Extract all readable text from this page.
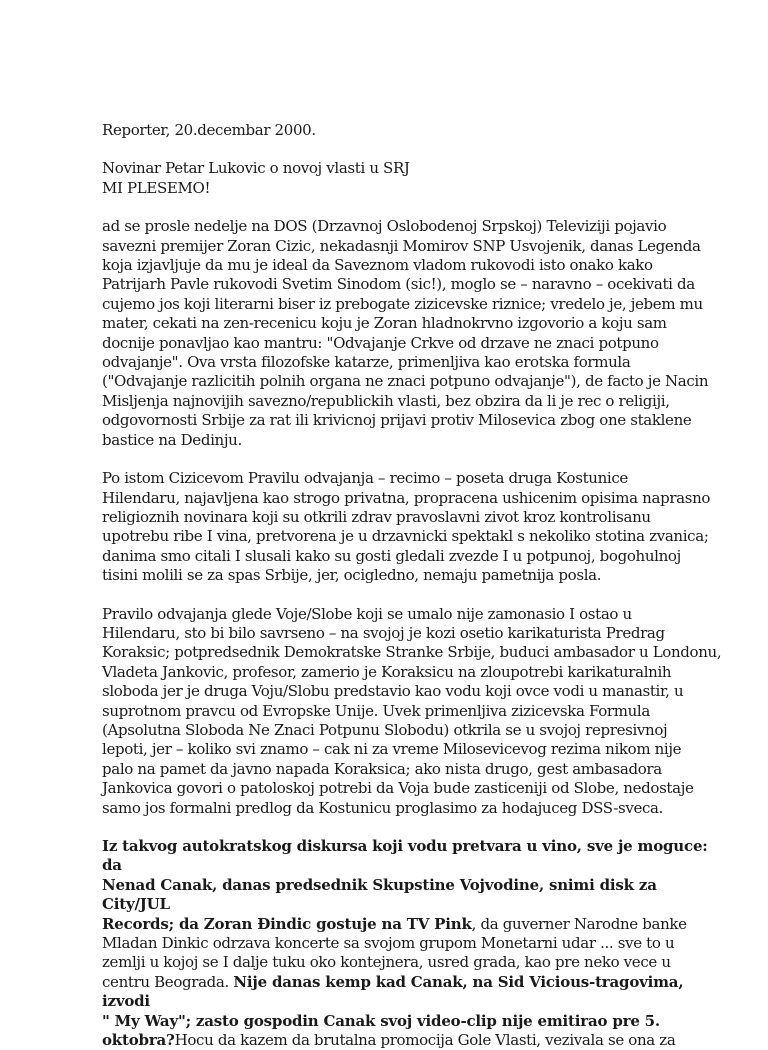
Reporter, 20.decembar 2000.

Novinar Petar Lukovic o novoj vlasti u SRJ

MI PLESEMO!

ad se prosle nedelje na DOS (Drzavnoj Oslobodenoj Srpskoj) Televiziji pojavio

savezni premijer Zoran Cizic, nekadasnji Momirov SNP Usvojenik, danas Legenda

koja izjavljuje da mu je ideal da Saveznom vladom rukovodi isto onako kako

Patrijarh Pavle rukovodi Svetim Sinodom (sic!), moglo se – naravno – ocekivati da

cujemo jos koji literarni biser iz prebogate zizicevske riznice; vredelo je, jebem mu

mater, cekati na zen-recenicu koju je Zoran hladnokrvno izgovorio a koju sam

docnije ponavljao kao mantru: "Odvajanje Crkve od drzave ne znaci potpuno

odvajanje". Ova vrsta filozofske katarze, primenljiva kao erotska formula

("Odvajanje razlicitih polnih organa ne znaci potpuno odvajanje"), de facto je Nacin

Misljenja najnovijih savezno/republickih vlasti, bez obzira da li je rec o religiji,

odgovornosti Srbije za rat ili krivicnoj prijavi protiv Milosevica zbog one staklene

bastice na Dedinju.

Po istom Cizicevom Pravilu odvajanja – recimo – poseta druga Kostunice

Hilendaru, najavljena kao strogo privatna, propracena ushicenim opisima naprasno

religioznih novinara koji su otkrili zdrav pravoslavni zivot kroz kontrolisanu

upotrebu ribe I vina, pretvorena je u drzavnicki spektakl s nekoliko stotina zvanica;

danima smo citali I slusali kako su gosti gledali zvezde I u potpunoj, bogohulnoj

tisini molili se za spas Srbije, jer, ocigledno, nemaju pametnija posla.

Pravilo odvajanja glede Voje/Slobe koji se umalo nije zamonasio I ostao u

Hilendaru, sto bi bilo savrseno – na svojoj je kozi osetio karikaturista Predrag

Koraksic; potpredsednik Demokratske Stranke Srbije, buduci ambasador u Londonu,

Vladeta Jankovic, profesor, zamerio je Koraksicu na zloupotrebi karikaturalnih

sloboda jer je druga Voju/Slobu predstavio kao vodu koji ovce vodi u manastir, u

suprotnom pravcu od Evropske Unije. Uvek primenljiva zizicevska Formula

(Apsolutna Sloboda Ne Znaci Potpunu Slobodu) otkrila se u svojoj represivnoj

lepoti, jer – koliko svi znamo – cak ni za vreme Milosevicevog rezima nikom nije

palo na pamet da javno napada Koraksica; ako nista drugo, gest ambasadora

Jankovica govori o patoloskoj potrebi da Voja bude zasticeniji od Slobe, nedostaje

samo jos formalni predlog da Kostunicu proglasimo za hodajuceg DSS-sveca.

Iz takvog autokratskog diskursa koji vodu pretvara u vino, sve je moguce: da

Nenad Canak, danas predsednik Skupstine Vojvodine, snimi disk za City/JUL

Records; da Zoran Đindic gostuje na TV Pink, da guverner Narodne banke

Mladan Dinkic odrzava koncerte sa svojom grupom Monetarni udar ... sve to u

zemlji u kojoj se I dalje tuku oko kontejnera, usred grada, kao pre neko vece u

centru Beograda. Nije danas kemp kad Canak, na Sid Vicious-tragovima, izvodi

" My Way"; zasto gospodin Canak svoj video-clip nije emitirao pre 5.

oktobra?Hocu da kazem da brutalna promocija Gole Vlasti, vezivala se ona za
